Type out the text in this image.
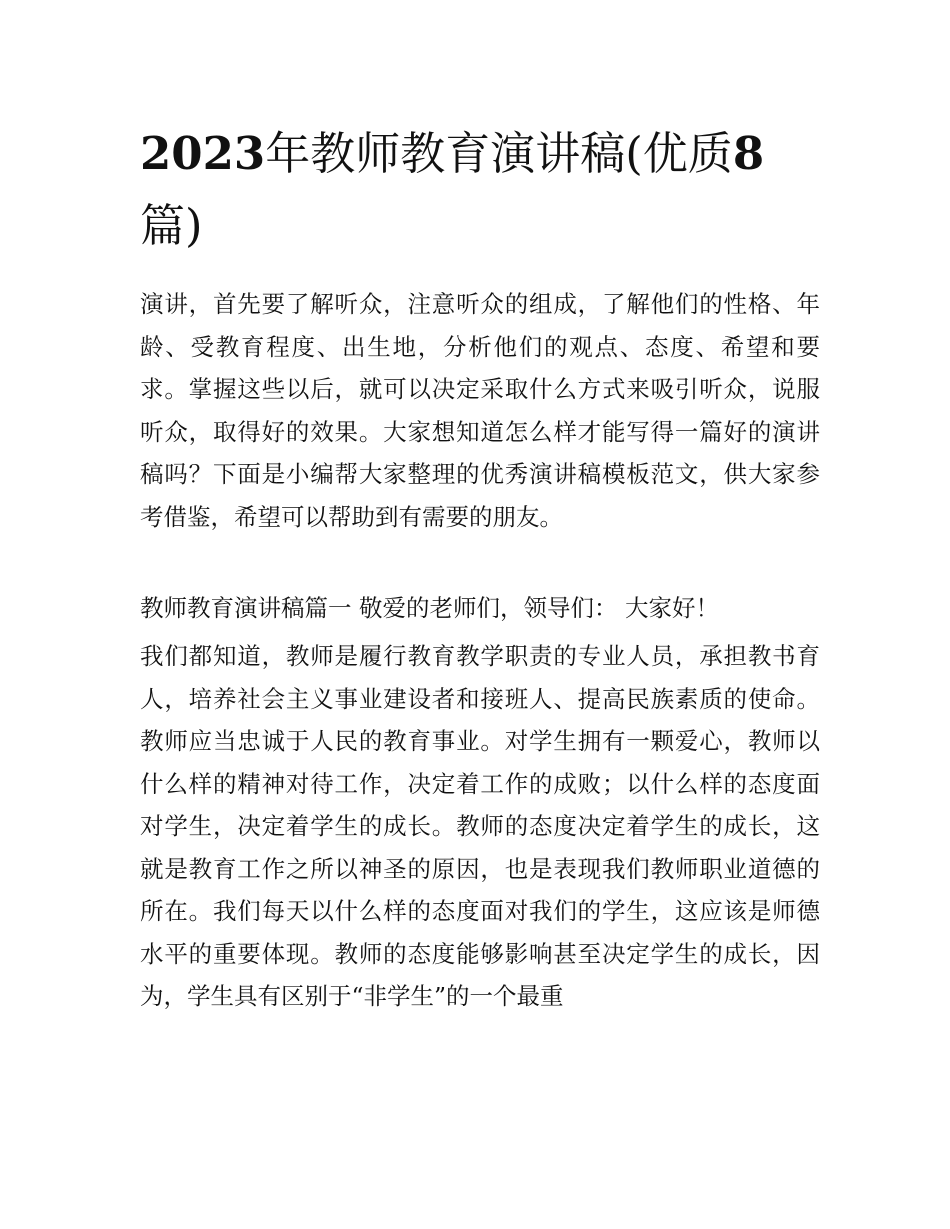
2023年教师教育演讲稿(优质8
篇)

演讲，首先要了解听众，注意听众的组成，了解他们的性格、年龄、受教育程度、出生地，分析他们的观点、态度、希望和要求。掌握这些以后，就可以决定采取什么方式来吸引听众，说服听众，取得好的效果。大家想知道怎么样才能写得一篇好的演讲稿吗？下面是小编帮大家整理的优秀演讲稿模板范文，供大家参考借鉴，希望可以帮助到有需要的朋友。

教师教育演讲稿篇一 敬爱的老师们，领导们： 大家好！

我们都知道，教师是履行教育教学职责的专业人员，承担教书育人，培养社会主义事业建设者和接班人、提高民族素质的使命。教师应当忠诚于人民的教育事业。对学生拥有一颗爱心，教师以什么样的精神对待工作，决定着工作的成败；以什么样的态度面对学生，决定着学生的成长。教师的态度决定着学生的成长，这就是教育工作之所以神圣的原因，也是表现我们教师职业道德的所在。我们每天以什么样的态度面对我们的学生，这应该是师德水平的重要体现。教师的态度能够影响甚至决定学生的成长，因为，学生具有区别于“非学生”的一个最重
